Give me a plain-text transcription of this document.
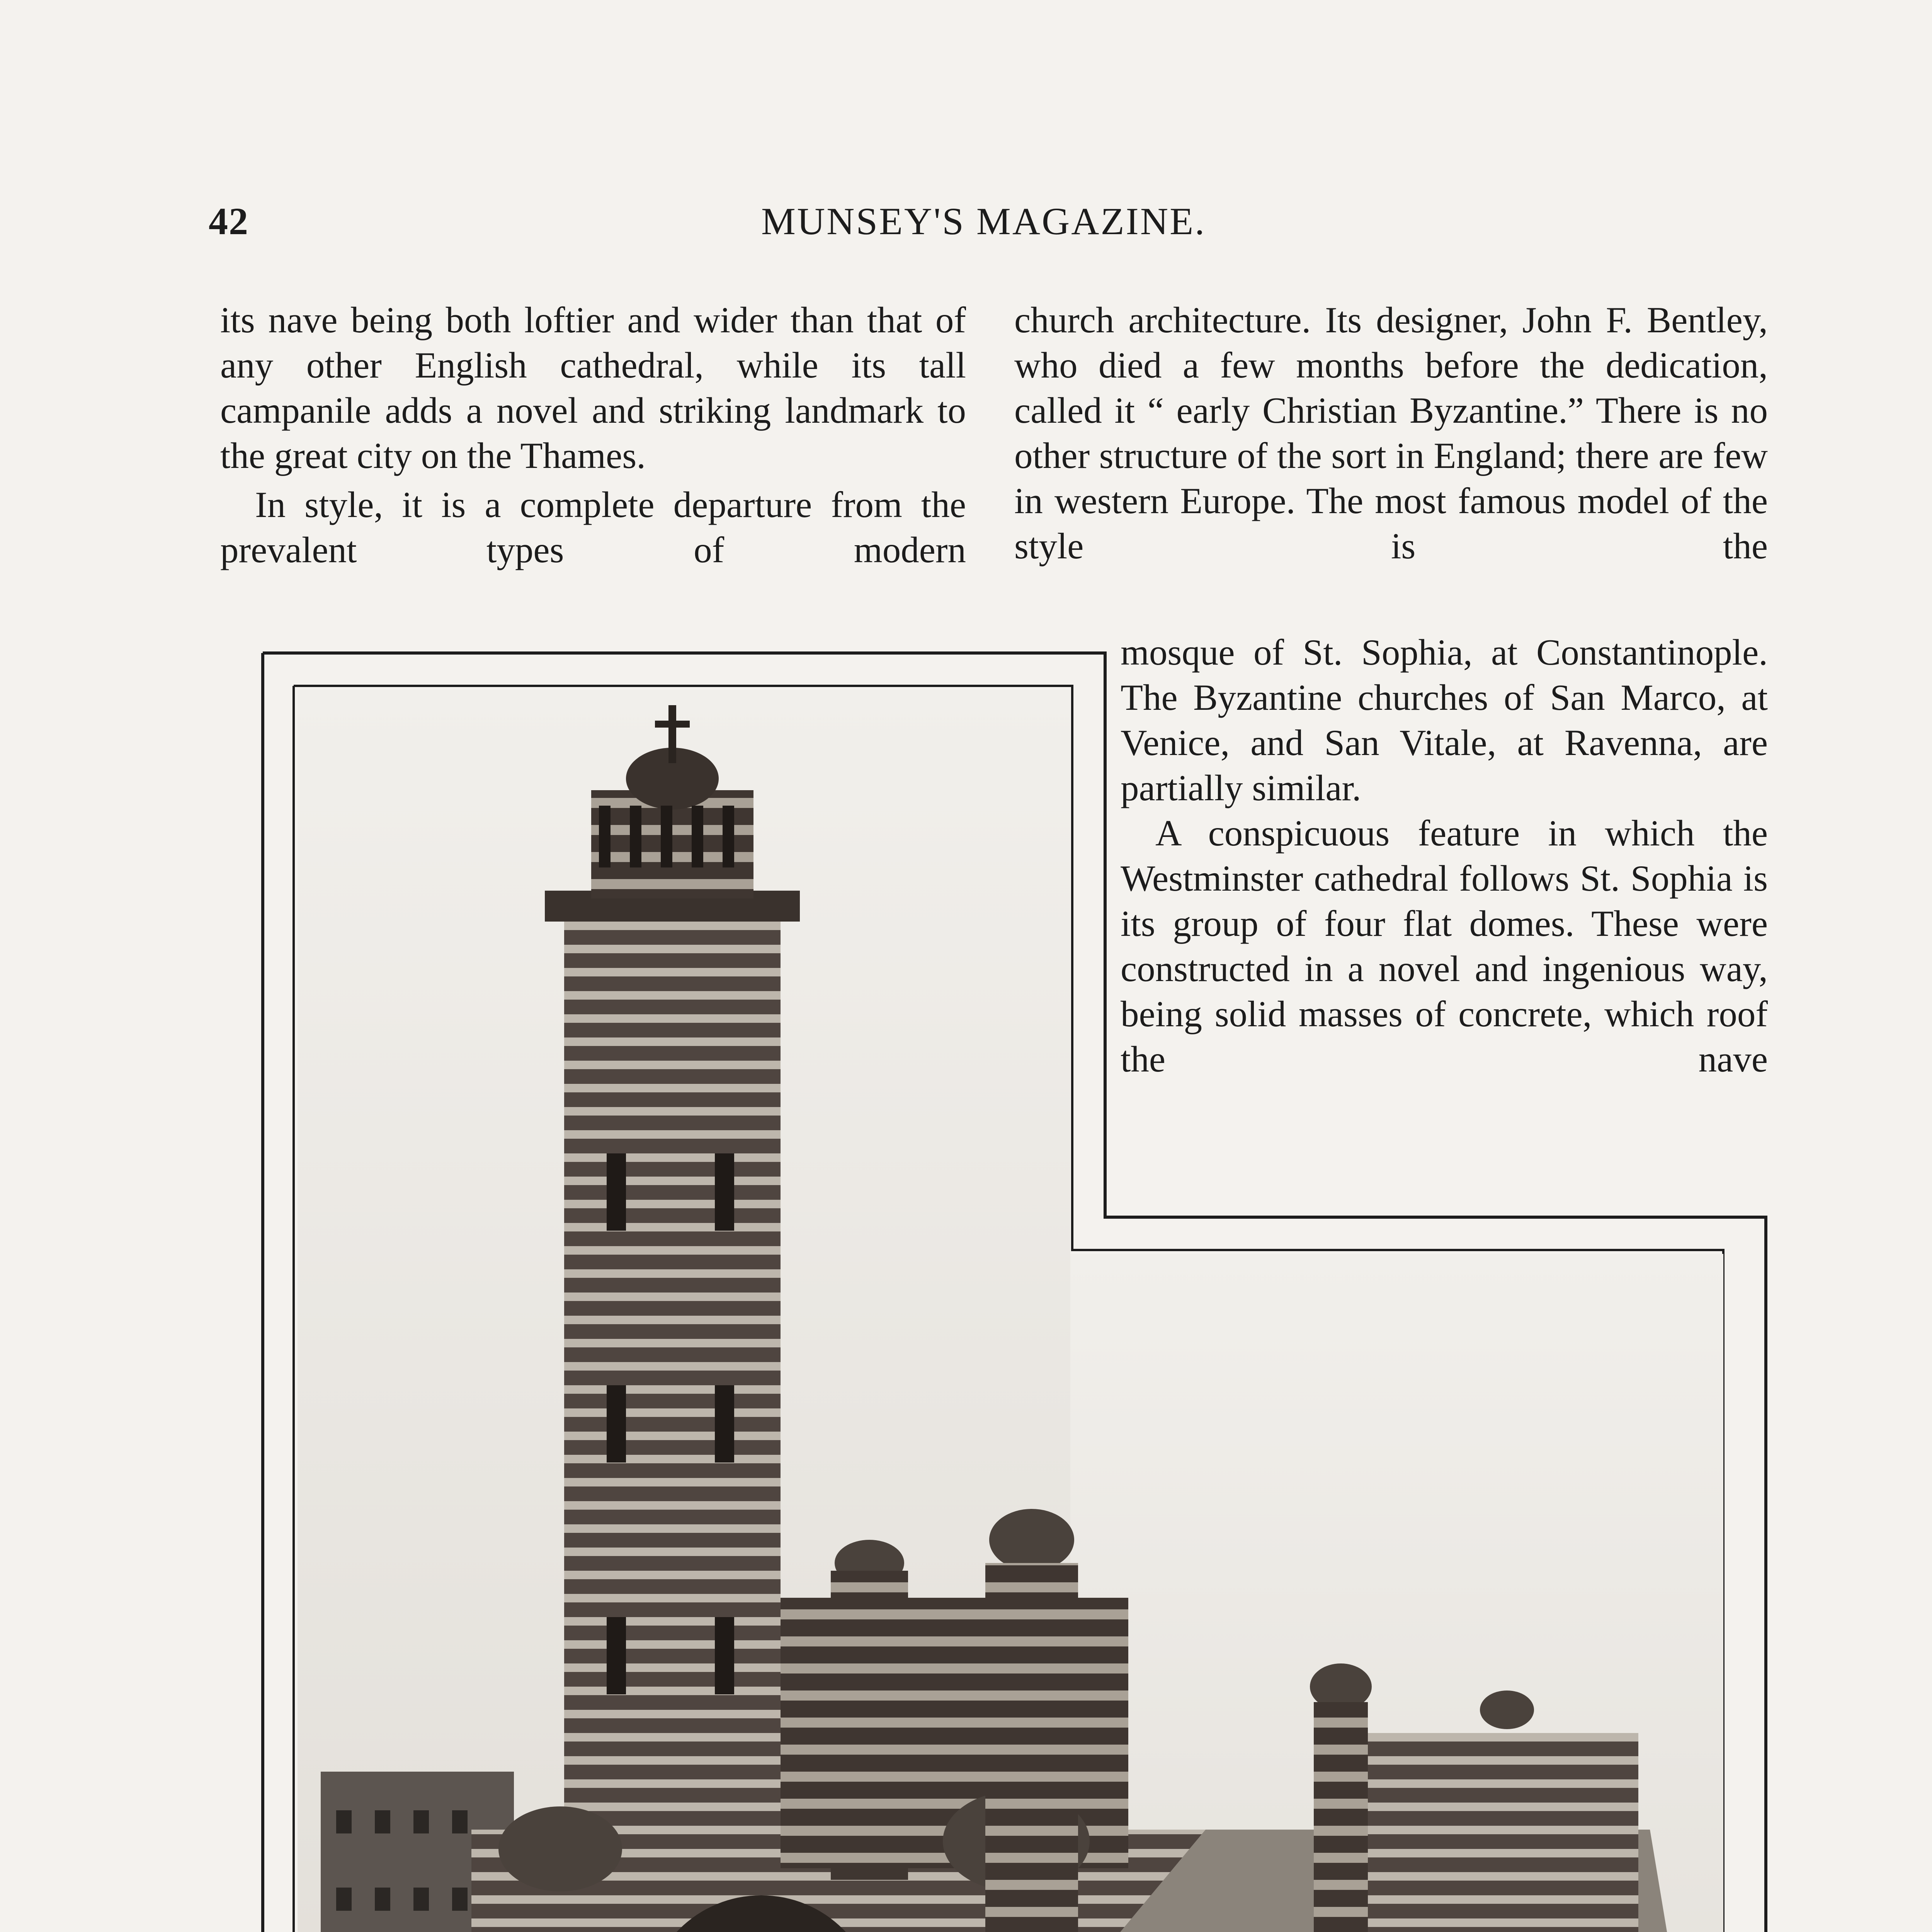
42	MUNSEY'S MAGAZINE.

its nave being both loftier and wider than that of any other English cathedral, while its tall campanile adds a novel and striking landmark to the great city on the Thames.

In style, it is a complete departure from the prevalent types of modern

church architecture. Its designer, John F. Bentley, who died a few months before the dedication, called it “ early Christian Byzantine.” There is no other structure of the sort in England; there are few in western Europe. The most famous model of the style is the

mosque of St. Sophia, at Constantinople. The Byzantine churches of San Marco, at Venice, and San Vitale, at Ravenna, are partially similar.

A conspicuous feature in which the Westminster cathedral follows St. Sophia is its group of four flat domes. These were constructed in a novel and ingenious way, being solid masses of concrete, which roof the nave
